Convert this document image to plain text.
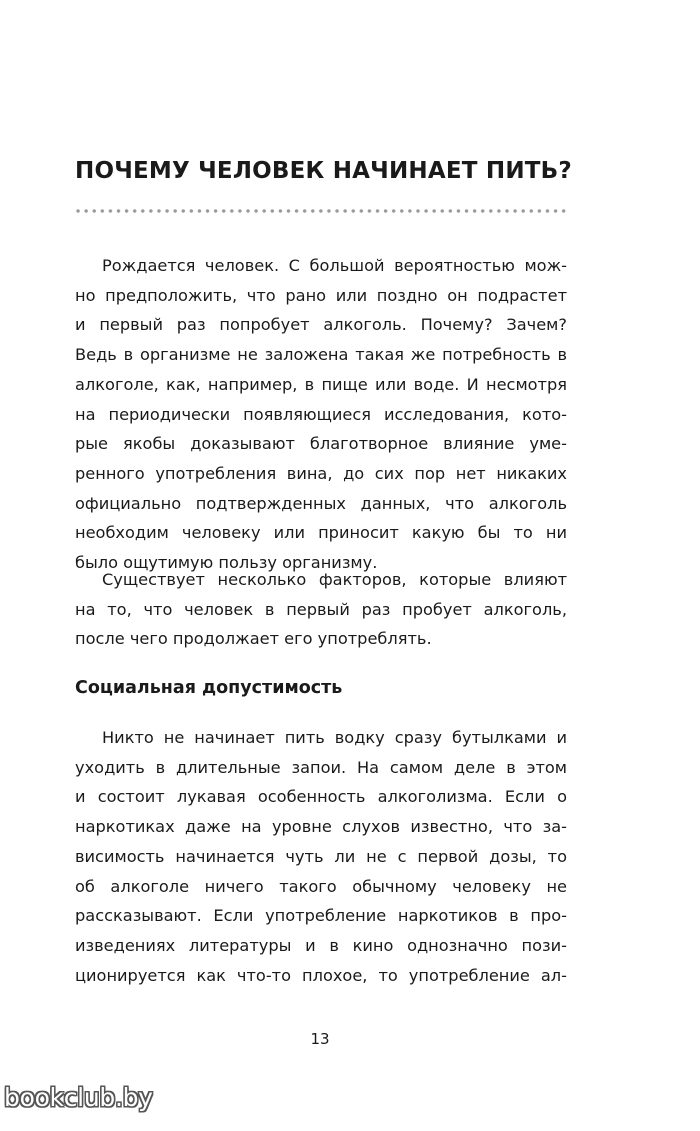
ПОЧЕМУ ЧЕЛОВЕК НАЧИНАЕТ ПИТЬ?
Рождается человек. С большой вероятностью мож-
но предположить, что рано или поздно он подрастет
и первый раз попробует алкоголь. Почему? Зачем?
Ведь в организме не заложена такая же потребность в
алкоголе, как, например, в пище или воде. И несмотря
на периодически появляющиеся исследования, кото-
рые якобы доказывают благотворное влияние уме-
ренного употребления вина, до сих пор нет никаких
официально подтвержденных данных, что алкоголь
необходим человеку или приносит какую бы то ни
было ощутимую пользу организму.
Существует несколько факторов, которые влияют
на то, что человек в первый раз пробует алкоголь,
после чего продолжает его употреблять.
Социальная допустимость
Никто не начинает пить водку сразу бутылками и
уходить в длительные запои. На самом деле в этом
и состоит лукавая особенность алкоголизма. Если о
наркотиках даже на уровне слухов известно, что за-
висимость начинается чуть ли не с первой дозы, то
об алкоголе ничего такого обычному человеку не
рассказывают. Если употребление наркотиков в про-
изведениях литературы и в кино однозначно пози-
ционируется как что-то плохое, то употребление ал-
13
bookclub.by
